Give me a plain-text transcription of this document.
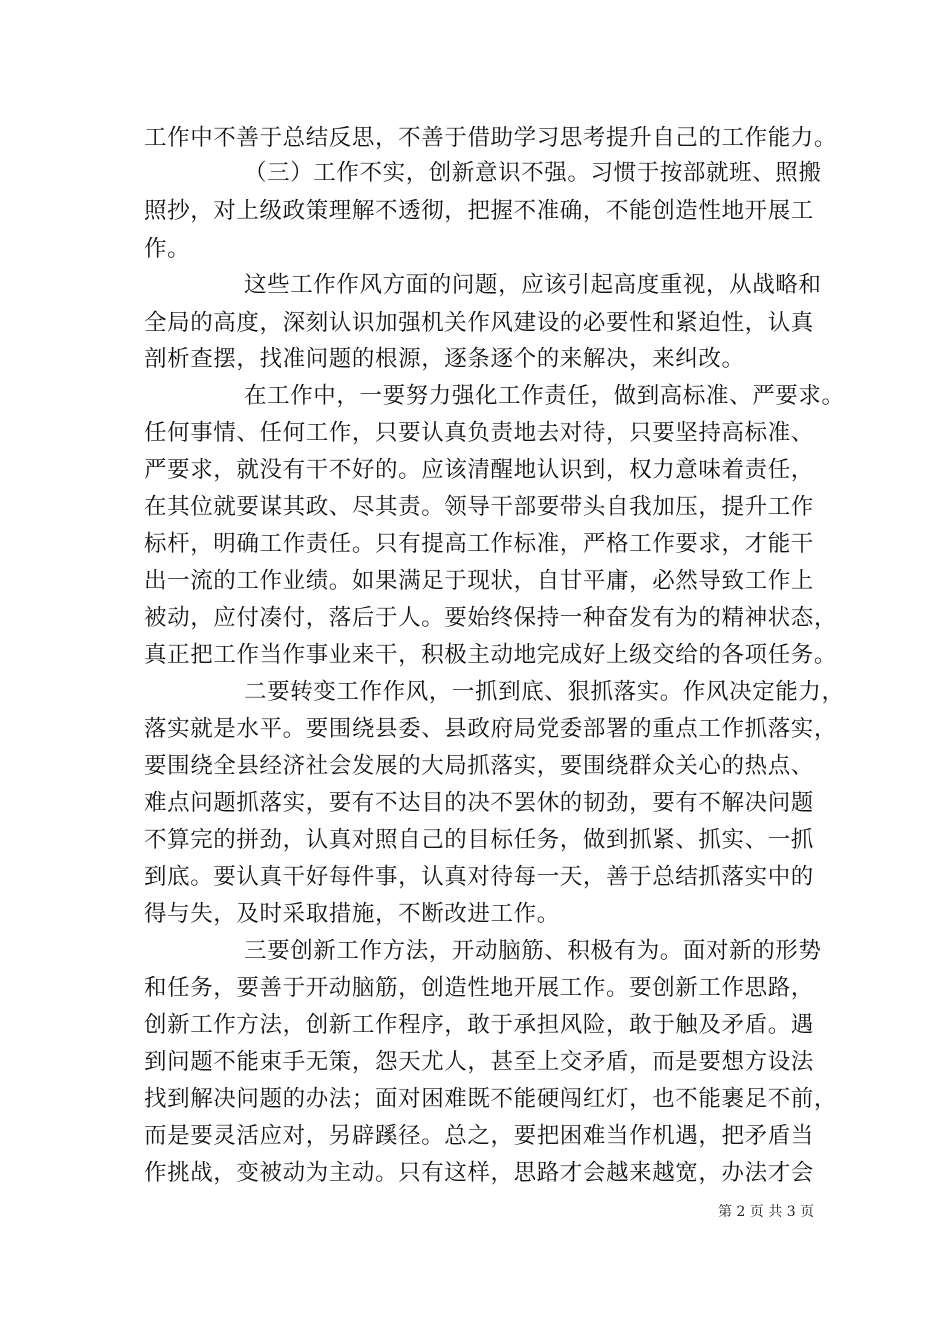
工作中不善于总结反思，不善于借助学习思考提升自己的工作能力。
（三）工作不实，创新意识不强。习惯于按部就班、照搬
照抄，对上级政策理解不透彻，把握不准确，不能创造性地开展工
作。
这些工作作风方面的问题，应该引起高度重视，从战略和
全局的高度，深刻认识加强机关作风建设的必要性和紧迫性，认真
剖析查摆，找准问题的根源，逐条逐个的来解决，来纠改。
在工作中，一要努力强化工作责任，做到高标准、严要求。
任何事情、任何工作，只要认真负责地去对待，只要坚持高标准、
严要求，就没有干不好的。应该清醒地认识到，权力意味着责任，
在其位就要谋其政、尽其责。领导干部要带头自我加压，提升工作
标杆，明确工作责任。只有提高工作标准，严格工作要求，才能干
出一流的工作业绩。如果满足于现状，自甘平庸，必然导致工作上
被动，应付凑付，落后于人。要始终保持一种奋发有为的精神状态，
真正把工作当作事业来干，积极主动地完成好上级交给的各项任务。
二要转变工作作风，一抓到底、狠抓落实。作风决定能力，
落实就是水平。要围绕县委、县政府局党委部署的重点工作抓落实，
要围绕全县经济社会发展的大局抓落实，要围绕群众关心的热点、
难点问题抓落实，要有不达目的决不罢休的韧劲，要有不解决问题
不算完的拼劲，认真对照自己的目标任务，做到抓紧、抓实、一抓
到底。要认真干好每件事，认真对待每一天，善于总结抓落实中的
得与失，及时采取措施，不断改进工作。
三要创新工作方法，开动脑筋、积极有为。面对新的形势
和任务，要善于开动脑筋，创造性地开展工作。要创新工作思路，
创新工作方法，创新工作程序，敢于承担风险，敢于触及矛盾。遇
到问题不能束手无策，怨天尤人，甚至上交矛盾，而是要想方设法
找到解决问题的办法；面对困难既不能硬闯红灯，也不能裹足不前，
而是要灵活应对，另辟蹊径。总之，要把困难当作机遇，把矛盾当
作挑战，变被动为主动。只有这样，思路才会越来越宽，办法才会
第 2 页 共 3 页
